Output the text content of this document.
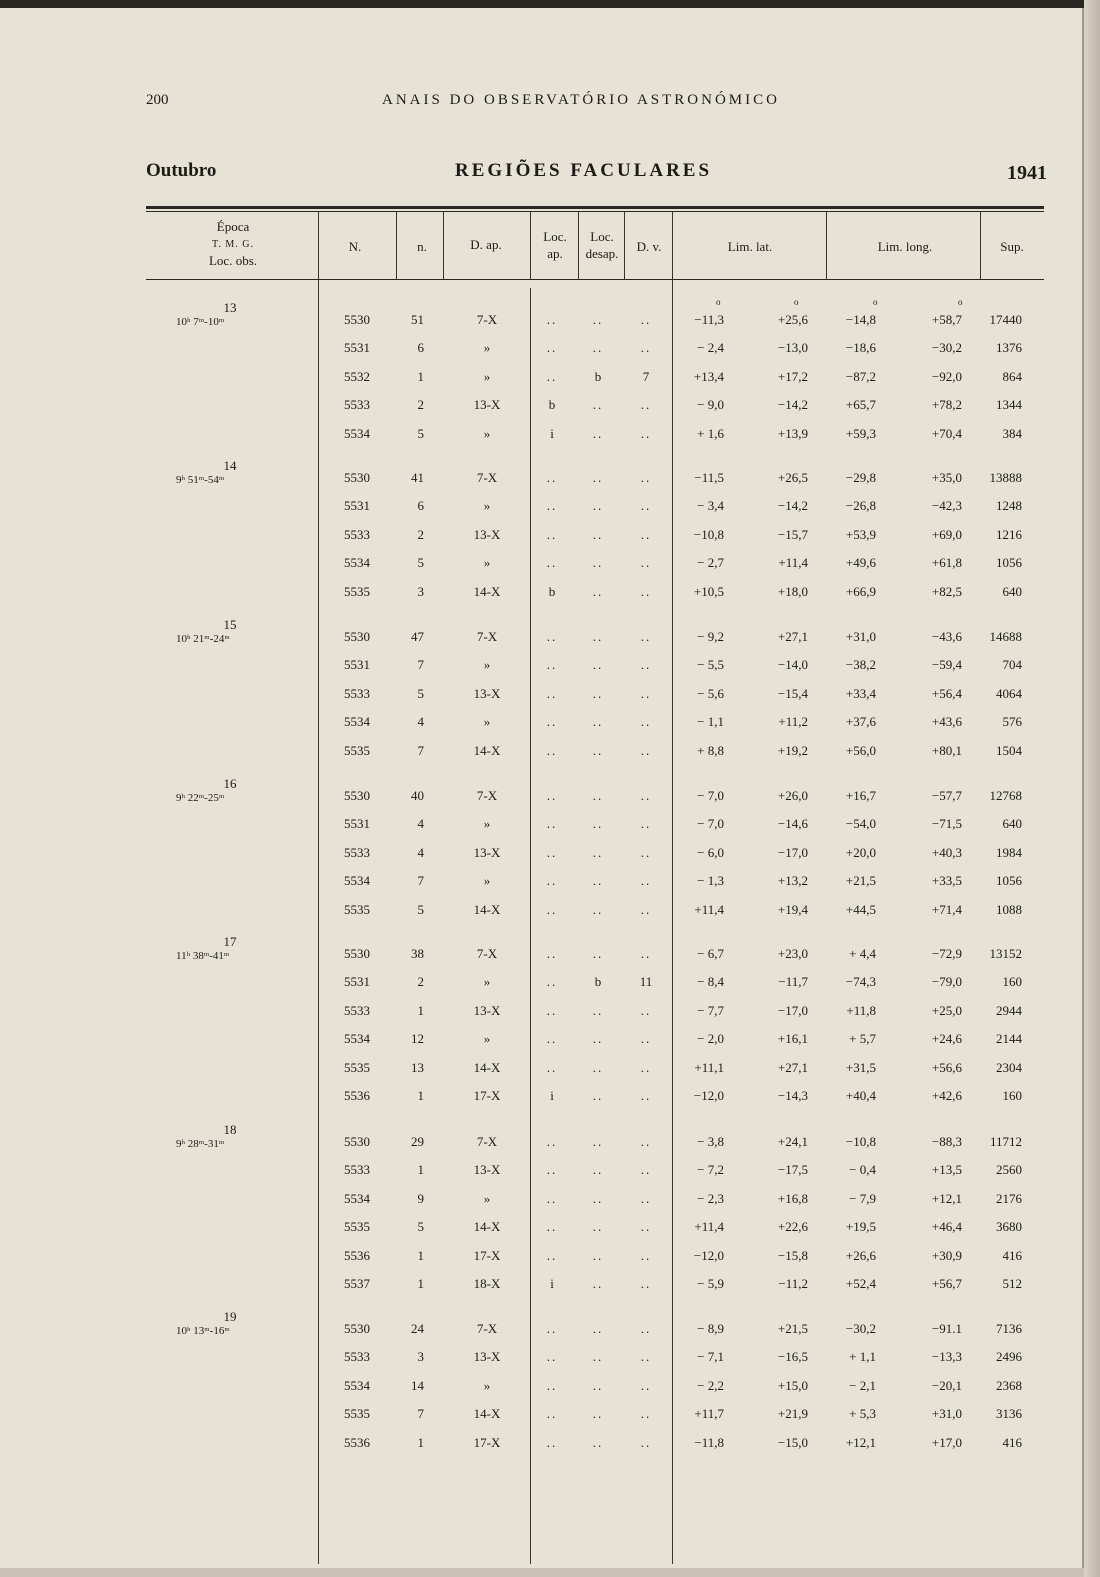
200	ANAIS DO OBSERVATÓRIO ASTRONÓMICO
Outubro	REGIÕES FACULARES	1941
Época
T. M. G.
Loc. obs.
N.	n.	D. ap.
Loc.
ap.
Loc.
desap.	D. v.	Lim. lat.	Lim. long.	Sup.
o	o	o	o
13
10ʰ 7ᵐ-10ᵐ	5530	51	7-X	..	..	..	−11,3	+25,6	−14,8	+58,7	17440
5531	6	»	..	..	..	− 2,4	−13,0	−18,6	−30,2	1376
5532	1	»	..	b	7	+13,4	+17,2	−87,2	−92,0	864
5533	2	13-X	b	..	..	− 9,0	−14,2	+65,7	+78,2	1344
5534	5	»	i	..	..	+ 1,6	+13,9	+59,3	+70,4	384
14
9ʰ 51ᵐ-54ᵐ	5530	41	7-X	..	..	..	−11,5	+26,5	−29,8	+35,0	13888
5531	6	»	..	..	..	− 3,4	−14,2	−26,8	−42,3	1248
5533	2	13-X	..	..	..	−10,8	−15,7	+53,9	+69,0	1216
5534	5	»	..	..	..	− 2,7	+11,4	+49,6	+61,8	1056
5535	3	14-X	b	..	..	+10,5	+18,0	+66,9	+82,5	640
15
10ʰ 21ᵐ-24ᵐ	5530	47	7-X	..	..	..	− 9,2	+27,1	+31,0	−43,6	14688
5531	7	»	..	..	..	− 5,5	−14,0	−38,2	−59,4	704
5533	5	13-X	..	..	..	− 5,6	−15,4	+33,4	+56,4	4064
5534	4	»	..	..	..	− 1,1	+11,2	+37,6	+43,6	576
5535	7	14-X	..	..	..	+ 8,8	+19,2	+56,0	+80,1	1504
16
9ʰ 22ᵐ-25ᵐ	5530	40	7-X	..	..	..	− 7,0	+26,0	+16,7	−57,7	12768
5531	4	»	..	..	..	− 7,0	−14,6	−54,0	−71,5	640
5533	4	13-X	..	..	..	− 6,0	−17,0	+20,0	+40,3	1984
5534	7	»	..	..	..	− 1,3	+13,2	+21,5	+33,5	1056
5535	5	14-X	..	..	..	+11,4	+19,4	+44,5	+71,4	1088
17
11ʰ 38ᵐ-41ᵐ	5530	38	7-X	..	..	..	− 6,7	+23,0	+ 4,4	−72,9	13152
5531	2	»	..	b	11	− 8,4	−11,7	−74,3	−79,0	160
5533	1	13-X	..	..	..	− 7,7	−17,0	+11,8	+25,0	2944
5534	12	»	..	..	..	− 2,0	+16,1	+ 5,7	+24,6	2144
5535	13	14-X	..	..	..	+11,1	+27,1	+31,5	+56,6	2304
5536	1	17-X	i	..	..	−12,0	−14,3	+40,4	+42,6	160
18
9ʰ 28ᵐ-31ᵐ	5530	29	7-X	..	..	..	− 3,8	+24,1	−10,8	−88,3	11712
5533	1	13-X	..	..	..	− 7,2	−17,5	− 0,4	+13,5	2560
5534	9	»	..	..	..	− 2,3	+16,8	− 7,9	+12,1	2176
5535	5	14-X	..	..	..	+11,4	+22,6	+19,5	+46,4	3680
5536	1	17-X	..	..	..	−12,0	−15,8	+26,6	+30,9	416
5537	1	18-X	i	..	..	− 5,9	−11,2	+52,4	+56,7	512
19
10ʰ 13ᵐ-16ᵐ	5530	24	7-X	..	..	..	− 8,9	+21,5	−30,2	−91.1	7136
5533	3	13-X	..	..	..	− 7,1	−16,5	+ 1,1	−13,3	2496
5534	14	»	..	..	..	− 2,2	+15,0	− 2,1	−20,1	2368
5535	7	14-X	..	..	..	+11,7	+21,9	+ 5,3	+31,0	3136
5536	1	17-X	..	..	..	−11,8	−15,0	+12,1	+17,0	416
